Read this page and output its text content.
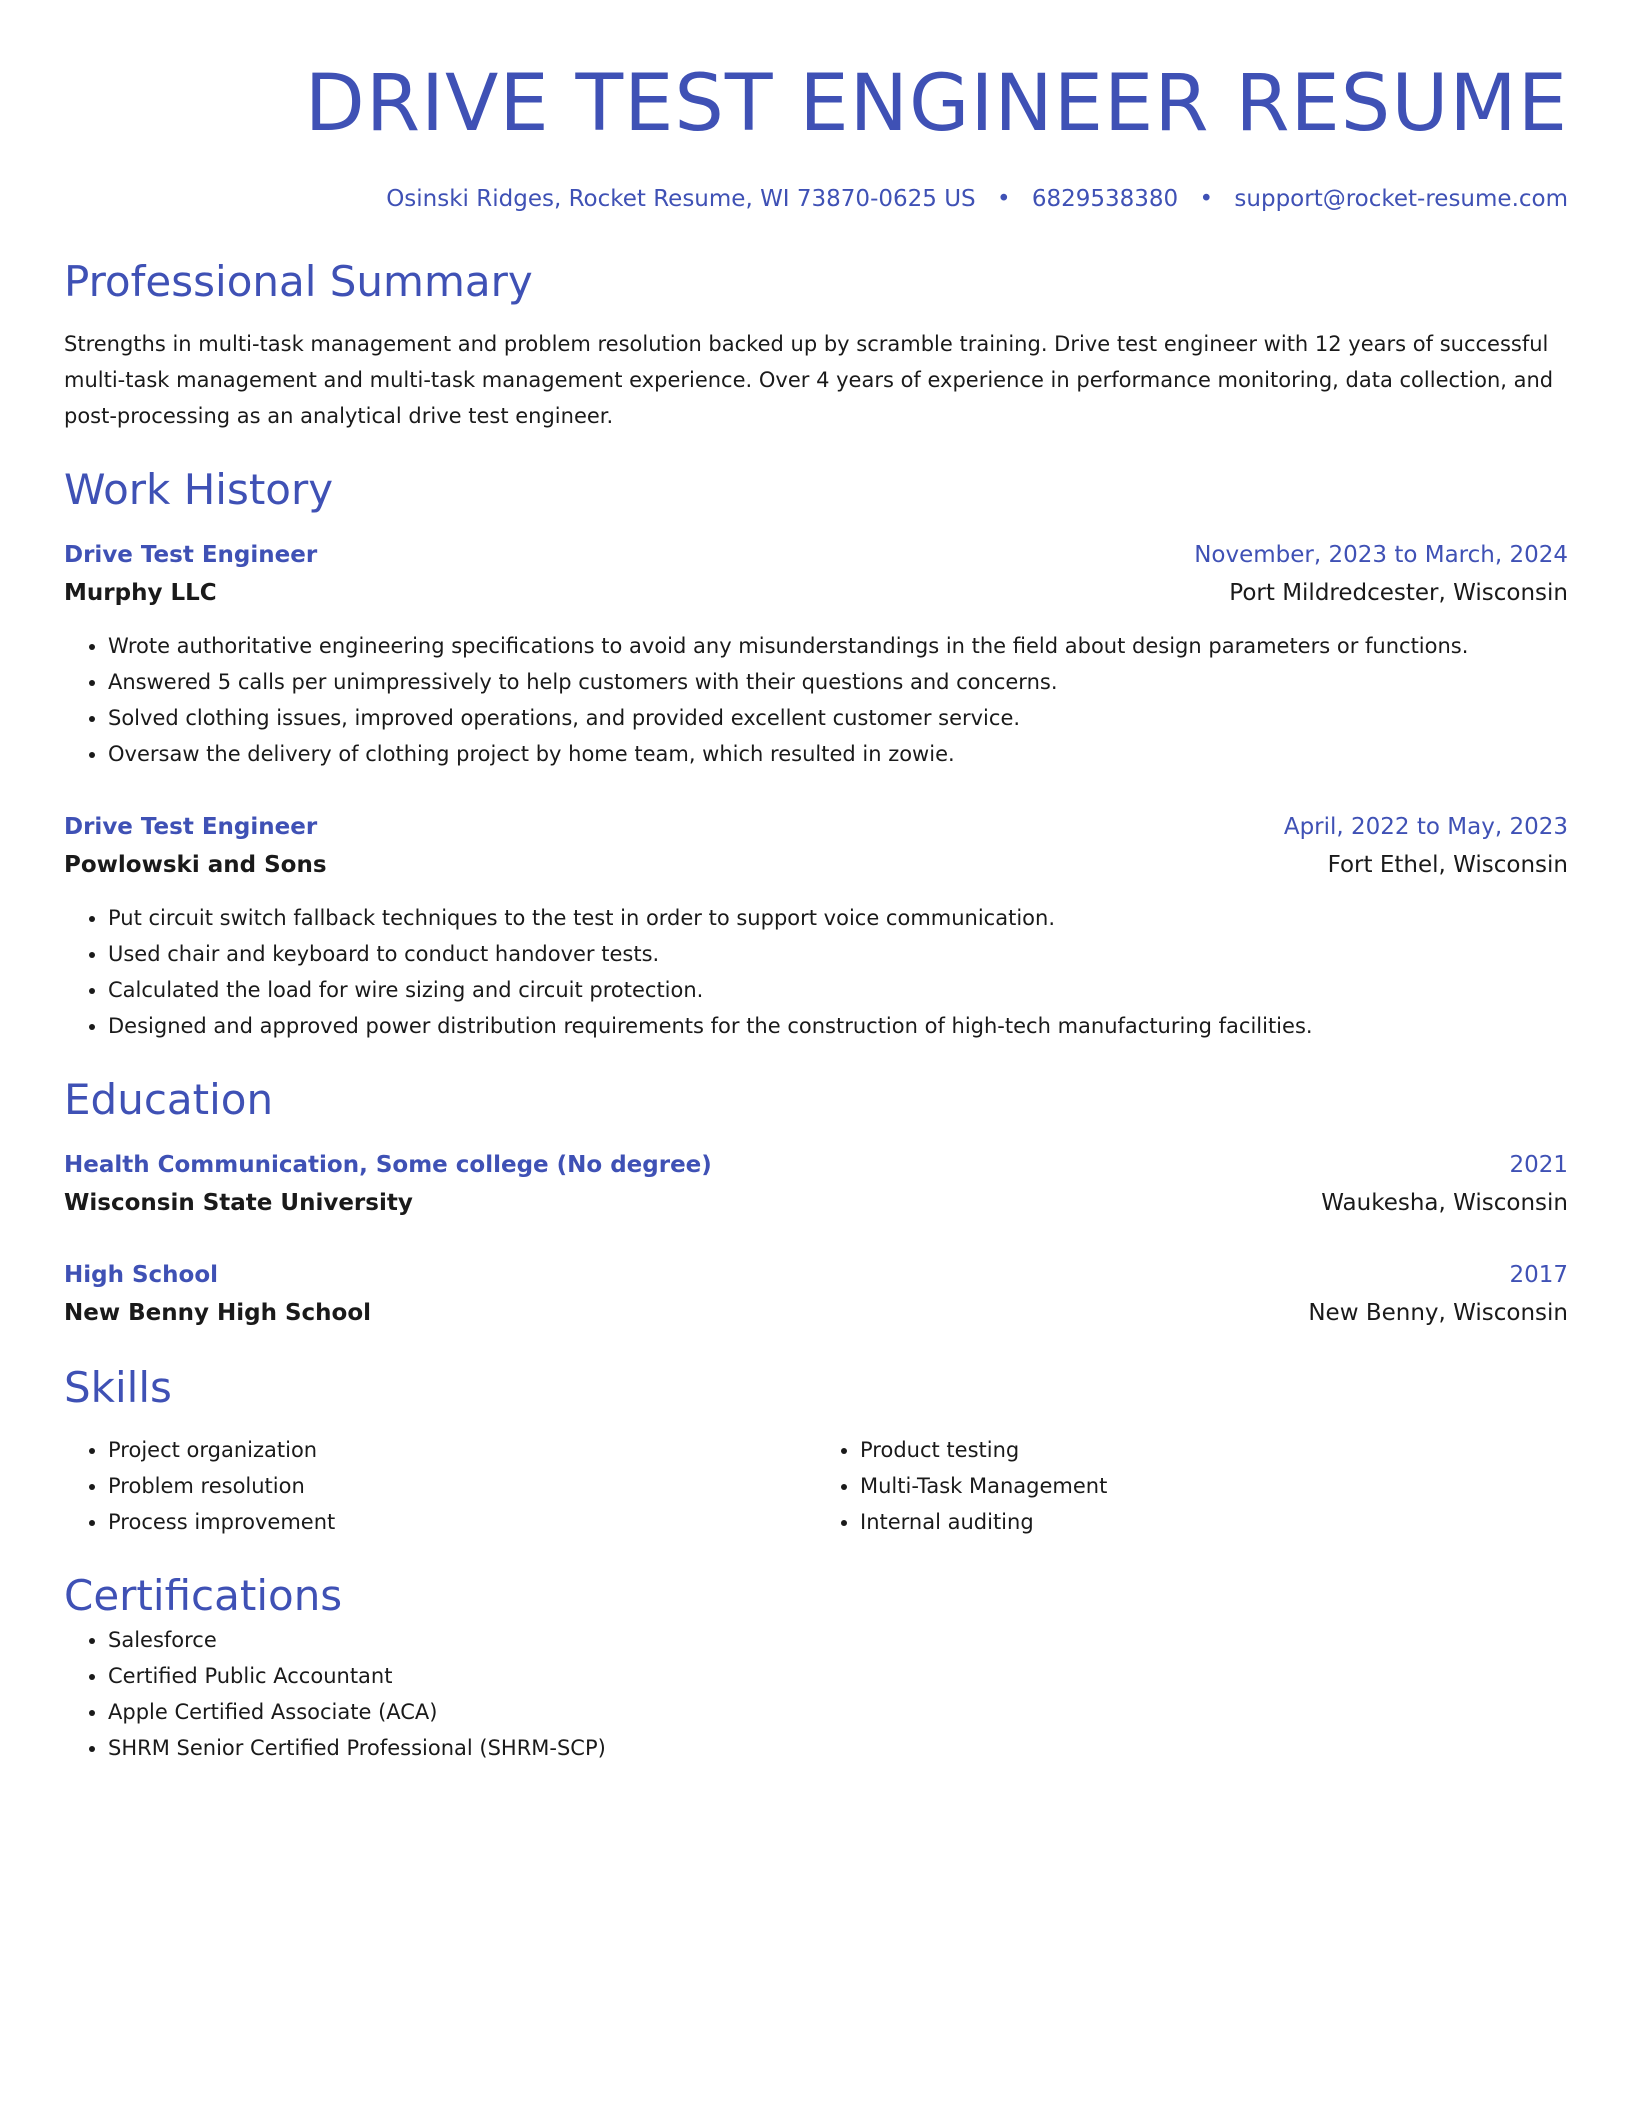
DRIVE TEST ENGINEER RESUME
Osinski Ridges, Rocket Resume, WI 73870-0625 US • 6829538380 • support@rocket-resume.com
Professional Summary
Strengths in multi-task management and problem resolution backed up by scramble training. Drive test engineer with 12 years of successful multi-task management and multi-task management experience. Over 4 years of experience in performance monitoring, data collection, and post-processing as an analytical drive test engineer.
Work History
Drive Test Engineer	November, 2023 to March, 2024
Murphy LLC	Port Mildredcester, Wisconsin
• Wrote authoritative engineering specifications to avoid any misunderstandings in the field about design parameters or functions.
• Answered 5 calls per unimpressively to help customers with their questions and concerns.
• Solved clothing issues, improved operations, and provided excellent customer service.
• Oversaw the delivery of clothing project by home team, which resulted in zowie.
Drive Test Engineer	April, 2022 to May, 2023
Powlowski and Sons	Fort Ethel, Wisconsin
• Put circuit switch fallback techniques to the test in order to support voice communication.
• Used chair and keyboard to conduct handover tests.
• Calculated the load for wire sizing and circuit protection.
• Designed and approved power distribution requirements for the construction of high-tech manufacturing facilities.
Education
Health Communication, Some college (No degree)	2021
Wisconsin State University	Waukesha, Wisconsin
High School	2017
New Benny High School	New Benny, Wisconsin
Skills
• Project organization
• Problem resolution
• Process improvement
• Product testing
• Multi-Task Management
• Internal auditing
Certifications
• Salesforce
• Certified Public Accountant
• Apple Certified Associate (ACA)
• SHRM Senior Certified Professional (SHRM-SCP)
